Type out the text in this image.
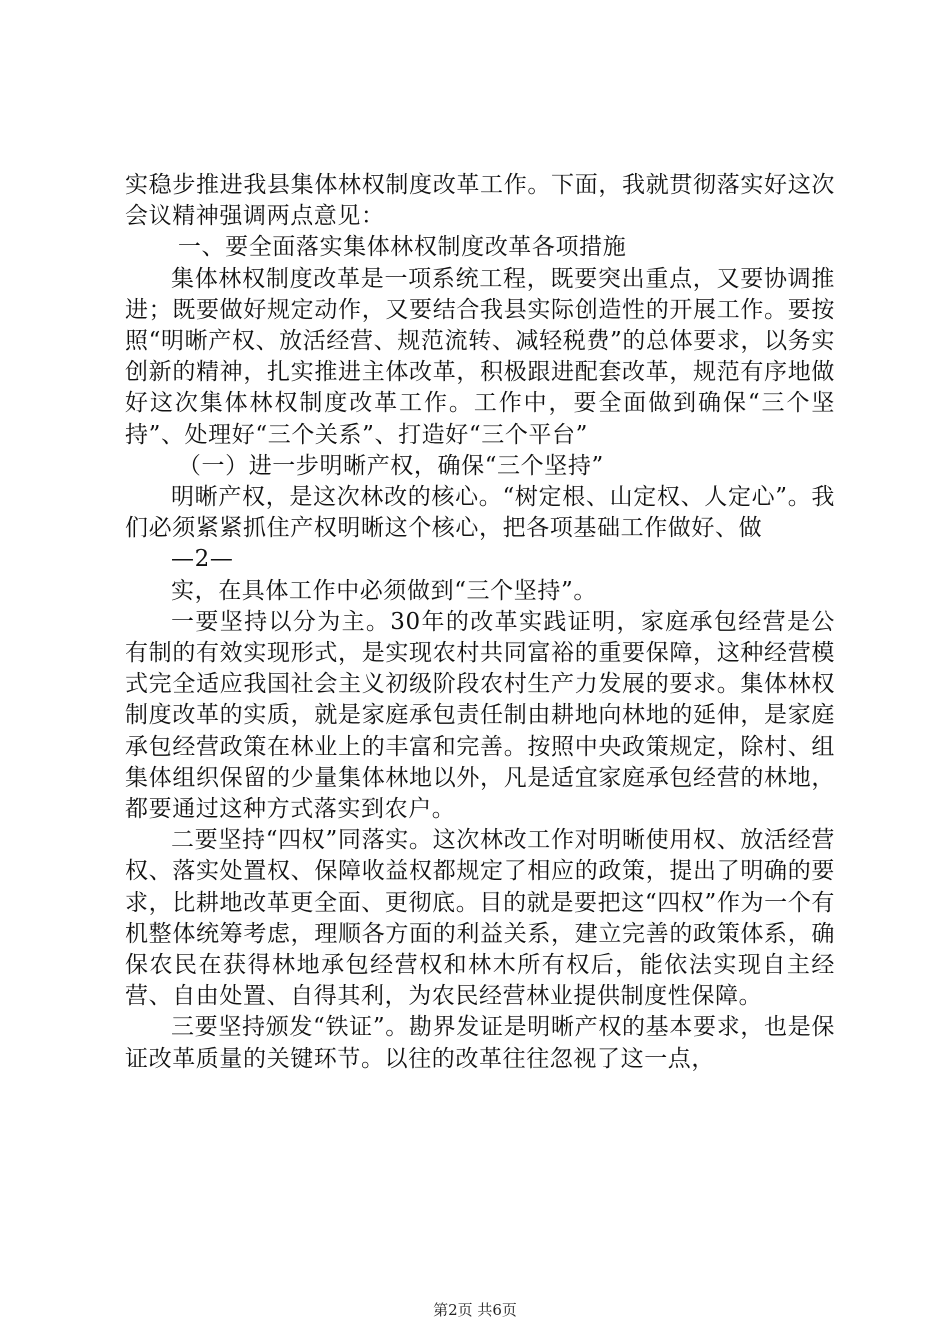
实稳步推进我县集体林权制度改革工作。下面，我就贯彻落实好这次会议精神强调两点意见：

一、要全面落实集体林权制度改革各项措施

集体林权制度改革是一项系统工程，既要突出重点，又要协调推进；既要做好规定动作，又要结合我县实际创造性的开展工作。要按照“明晰产权、放活经营、规范流转、减轻税费”的总体要求，以务实创新的精神，扎实推进主体改革，积极跟进配套改革，规范有序地做好这次集体林权制度改革工作。工作中，要全面做到确保“三个坚持”、处理好“三个关系”、打造好“三个平台”

（一）进一步明晰产权，确保“三个坚持”

明晰产权，是这次林改的核心。“树定根、山定权、人定心”。我们必须紧紧抓住产权明晰这个核心，把各项基础工作做好、做

—2—

实，在具体工作中必须做到“三个坚持”。

一要坚持以分为主。30年的改革实践证明，家庭承包经营是公有制的有效实现形式，是实现农村共同富裕的重要保障，这种经营模式完全适应我国社会主义初级阶段农村生产力发展的要求。集体林权制度改革的实质，就是家庭承包责任制由耕地向林地的延伸，是家庭承包经营政策在林业上的丰富和完善。按照中央政策规定，除村、组集体组织保留的少量集体林地以外，凡是适宜家庭承包经营的林地，都要通过这种方式落实到农户。

二要坚持“四权”同落实。这次林改工作对明晰使用权、放活经营权、落实处置权、保障收益权都规定了相应的政策，提出了明确的要求，比耕地改革更全面、更彻底。目的就是要把这“四权”作为一个有机整体统筹考虑，理顺各方面的利益关系，建立完善的政策体系，确保农民在获得林地承包经营权和林木所有权后，能依法实现自主经营、自由处置、自得其利，为农民经营林业提供制度性保障。

三要坚持颁发“铁证”。勘界发证是明晰产权的基本要求，也是保证改革质量的关键环节。以往的改革往往忽视了这一点，

第2页 共6页
